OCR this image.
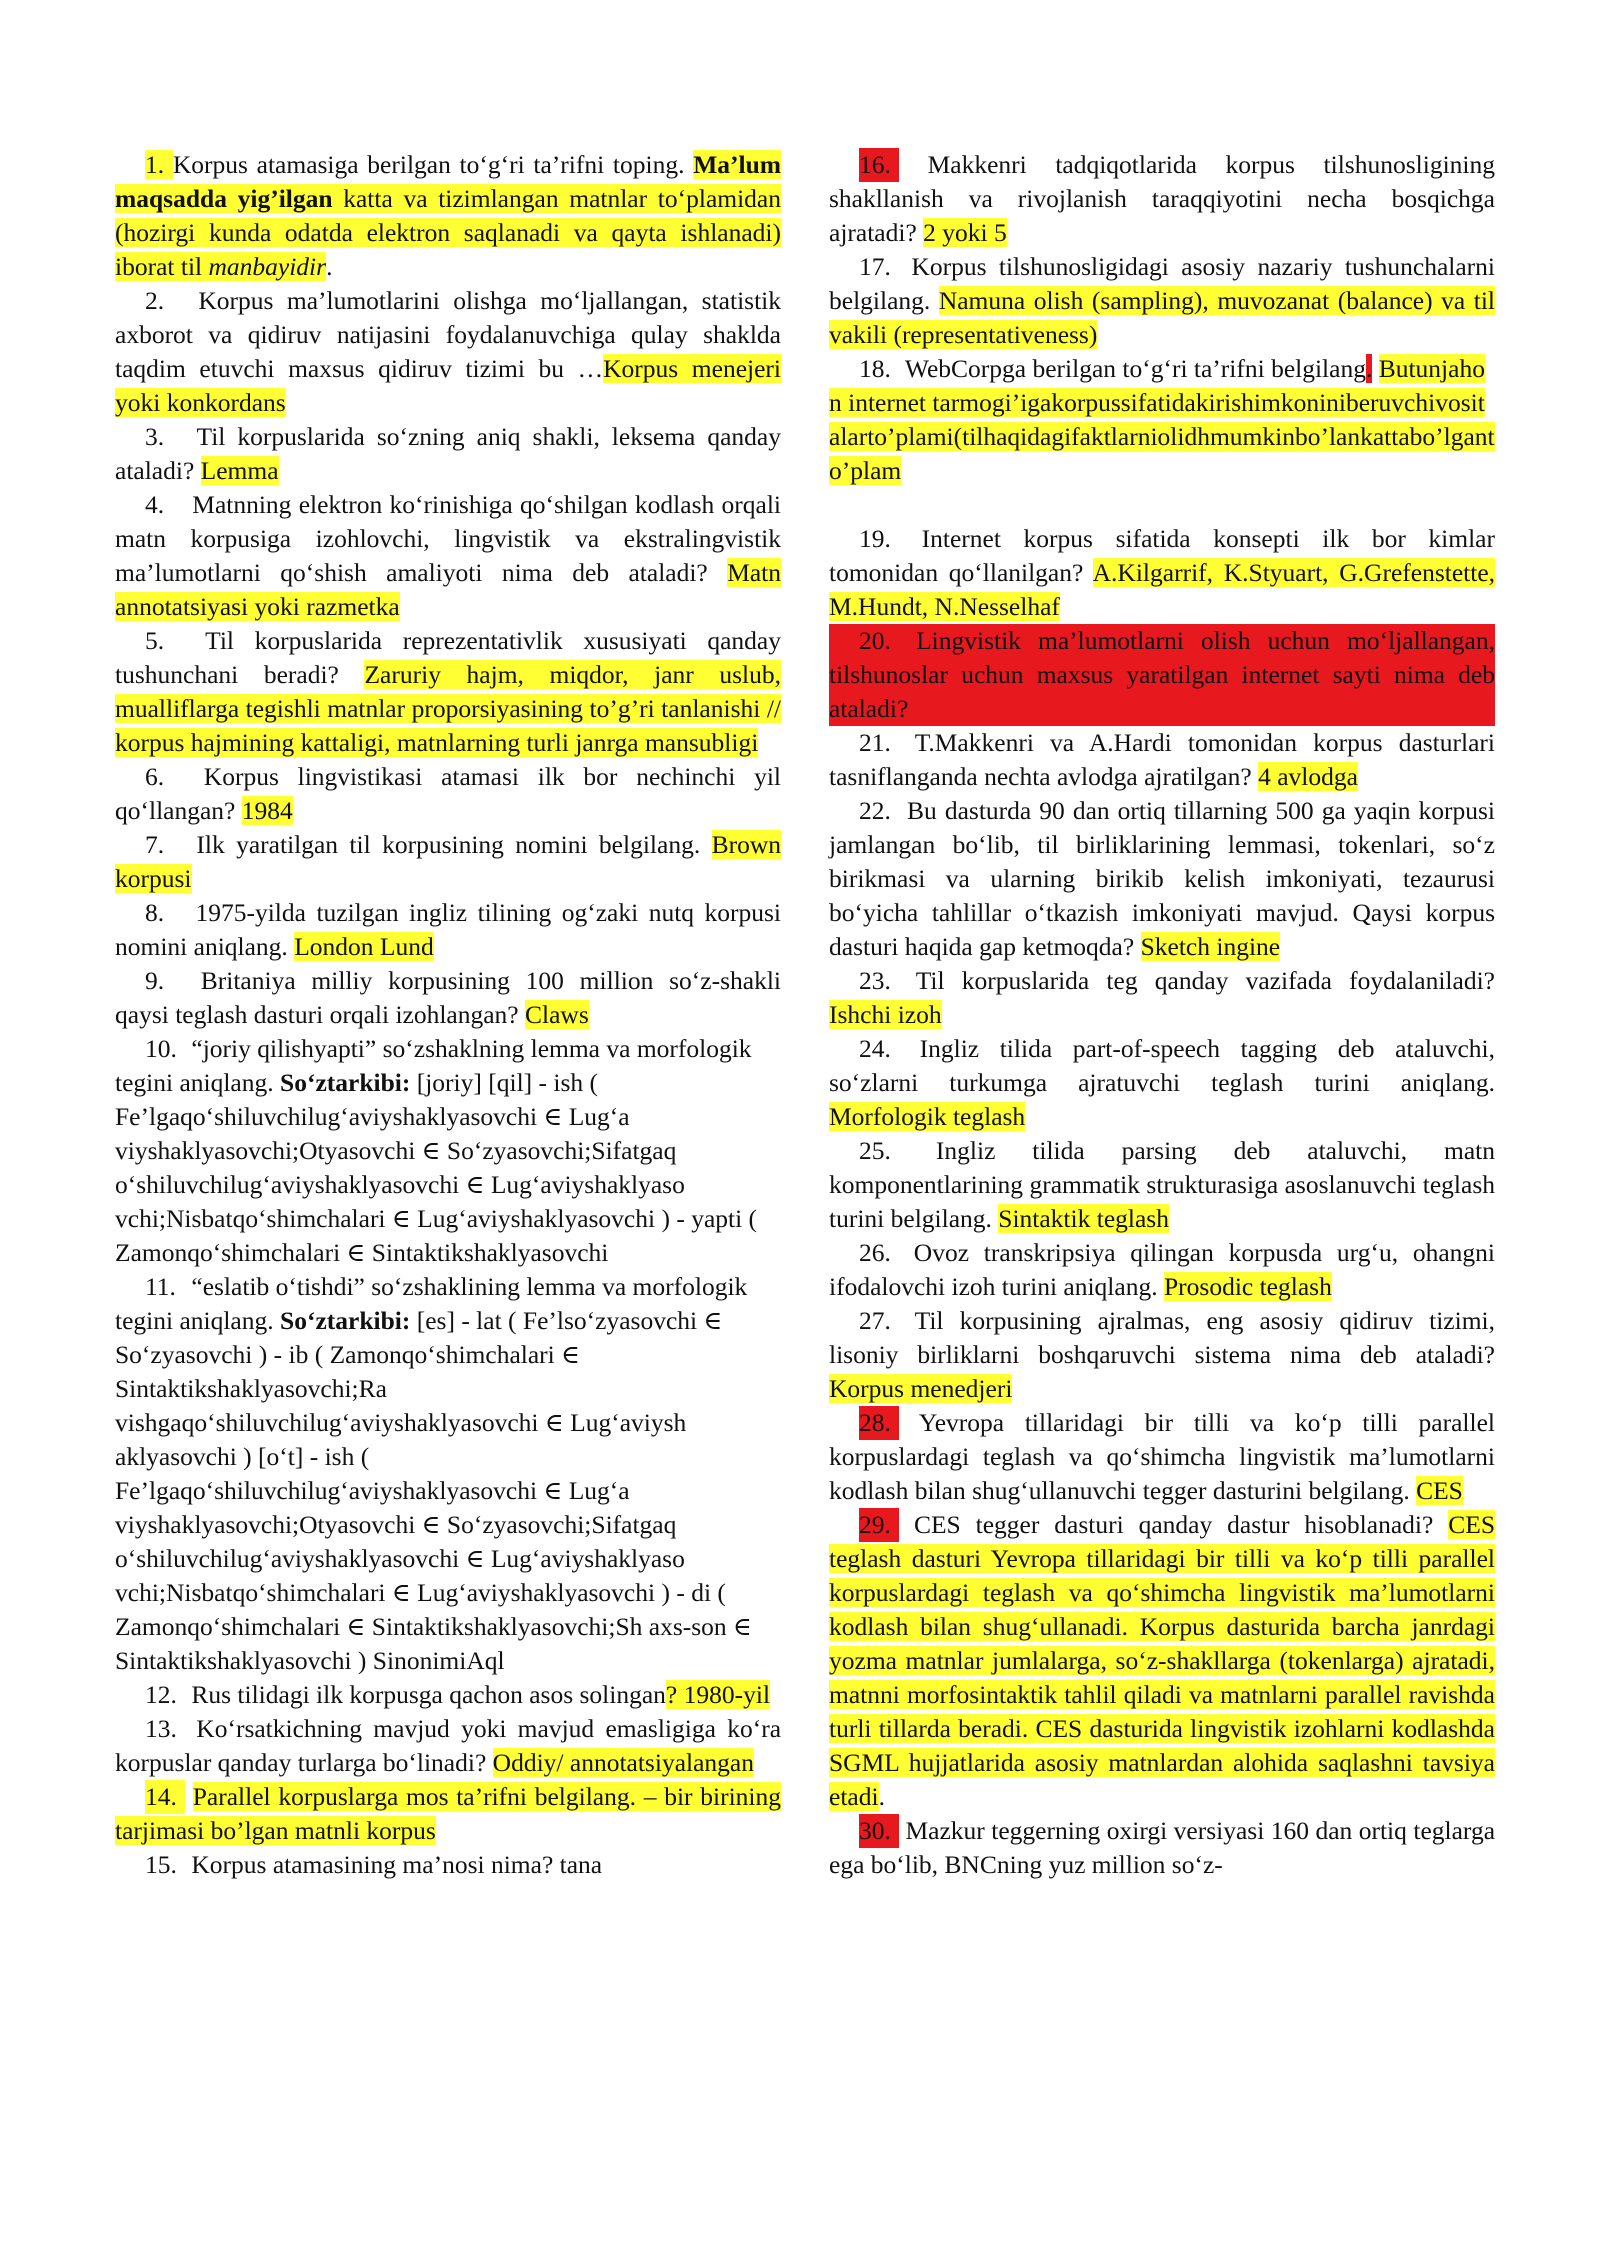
1. Korpus atamasiga berilgan to‘g‘ri ta’rifni toping. Ma’lum maqsadda yig’ilgan katta va tizimlangan matnlar to‘plamidan (hozirgi kunda odatda elektron saqlanadi va qayta ishlanadi) iborat til manbayidir.

2. Korpus ma’lumotlarini olishga mo‘ljallangan, statistik axborot va qidiruv natijasini foydalanuvchiga qulay shaklda taqdim etuvchi maxsus qidiruv tizimi bu …Korpus menejeri yoki konkordans

3. Til korpuslarida so‘zning aniq shakli, leksema qanday ataladi? Lemma

4. Matnning elektron ko‘rinishiga qo‘shilgan kodlash orqali matn korpusiga izohlovchi, lingvistik va ekstralingvistik ma’lumotlarni qo‘shish amaliyoti nima deb ataladi? Matn annotatsiyasi yoki razmetka

5. Til korpuslarida reprezentativlik xususiyati qanday tushunchani beradi? Zaruriy hajm, miqdor, janr uslub, mualliflarga tegishli matnlar proporsiyasining to’g’ri tanlanishi // korpus hajmining kattaligi, matnlarning turli janrga mansubligi

6. Korpus lingvistikasi atamasi ilk bor nechinchi yil qo‘llangan? 1984

7. Ilk yaratilgan til korpusining nomini belgilang. Brown korpusi

8. 1975-yilda tuzilgan ingliz tilining og‘zaki nutq korpusi nomini aniqlang. London Lund

9. Britaniya milliy korpusining 100 million so‘z-shakli qaysi teglash dasturi orqali izohlangan? Claws

10. “joriy qilishyapti” so‘zshaklning lemma va morfologik tegini aniqlang. So‘ztarkibi: [joriy] [qil] - ish ( Fe’lgaqo‘shiluvchilug‘aviyshaklyasovchi ∈ Lug‘a viyshaklyasovchi;Otyasovchi ∈ So‘zyasovchi;Sifatgaq o‘shiluvchilug‘aviyshaklyasovchi ∈ Lug‘aviyshaklyaso vchi;Nisbatqo‘shimchalari ∈ Lug‘aviyshaklyasovchi ) - yapti ( Zamonqo‘shimchalari ∈ Sintaktikshaklyasovchi

11. “eslatib o‘tishdi” so‘zshaklining lemma va morfologik tegini aniqlang. So‘ztarkibi: [es] - lat ( Fe’lso‘zyasovchi ∈ So‘zyasovchi ) - ib ( Zamonqo‘shimchalari ∈ Sintaktikshaklyasovchi;Ra vishgaqo‘shiluvchilug‘aviyshaklyasovchi ∈ Lug‘aviysh aklyasovchi ) [o‘t] - ish ( Fe’lgaqo‘shiluvchilug‘aviyshaklyasovchi ∈ Lug‘a viyshaklyasovchi;Otyasovchi ∈ So‘zyasovchi;Sifatgaq o‘shiluvchilug‘aviyshaklyasovchi ∈ Lug‘aviyshaklyaso vchi;Nisbatqo‘shimchalari ∈ Lug‘aviyshaklyasovchi ) - di ( Zamonqo‘shimchalari ∈ Sintaktikshaklyasovchi;Sh axs-son ∈ Sintaktikshaklyasovchi ) SinonimiAql

12. Rus tilidagi ilk korpusga qachon asos solingan? 1980-yil

13. Ko‘rsatkichning mavjud yoki mavjud emasligiga ko‘ra korpuslar qanday turlarga bo‘linadi? Oddiy/ annotatsiyalangan

14. Parallel korpuslarga mos ta’rifni belgilang. – bir birining tarjimasi bo’lgan matnli korpus

15. Korpus atamasining ma’nosi nima? tana

16. Makkenri tadqiqotlarida korpus tilshunosligining shakllanish va rivojlanish taraqqiyotini necha bosqichga ajratadi? 2 yoki 5

17. Korpus tilshunosligidagi asosiy nazariy tushunchalarni belgilang. Namuna olish (sampling), muvozanat (balance) va til vakili (representativeness)

18. WebCorpga berilgan to‘g‘ri ta’rifni belgilang. Butunjahon internet tarmogi’igakorpussifatidakirishimkoniniberuvchivositalarto’plami(tilhaqidagifaktlarniolidhmumkinbo’lankattabo’lganto’plam

19. Internet korpus sifatida konsepti ilk bor kimlar tomonidan qo‘llanilgan? A.Kilgarrif, K.Styuart, G.Grefenstette, M.Hundt, N.Nesselhaf

20. Lingvistik ma’lumotlarni olish uchun mo‘ljallangan, tilshunoslar uchun maxsus yaratilgan internet sayti nima deb ataladi?

21. T.Makkenri va A.Hardi tomonidan korpus dasturlari tasniflanganda nechta avlodga ajratilgan? 4 avlodga

22. Bu dasturda 90 dan ortiq tillarning 500 ga yaqin korpusi jamlangan bo‘lib, til birliklarining lemmasi, tokenlari, so‘z birikmasi va ularning birikib kelish imkoniyati, tezaurusi bo‘yicha tahlillar o‘tkazish imkoniyati mavjud. Qaysi korpus dasturi haqida gap ketmoqda? Sketch ingine

23. Til korpuslarida teg qanday vazifada foydalaniladi? Ishchi izoh

24. Ingliz tilida part-of-speech tagging deb ataluvchi, so‘zlarni turkumga ajratuvchi teglash turini aniqlang. Morfologik teglash

25. Ingliz tilida parsing deb ataluvchi, matn komponentlarining grammatik strukturasiga asoslanuvchi teglash turini belgilang. Sintaktik teglash

26. Ovoz transkripsiya qilingan korpusda urg‘u, ohangni ifodalovchi izoh turini aniqlang. Prosodic teglash

27. Til korpusining ajralmas, eng asosiy qidiruv tizimi, lisoniy birliklarni boshqaruvchi sistema nima deb ataladi? Korpus menedjeri

28. Yevropa tillaridagi bir tilli va ko‘p tilli parallel korpuslardagi teglash va qo‘shimcha lingvistik ma’lumotlarni kodlash bilan shug‘ullanuvchi tegger dasturini belgilang. CES

29. CES tegger dasturi qanday dastur hisoblanadi? CES teglash dasturi Yevropa tillaridagi bir tilli va ko‘p tilli parallel korpuslardagi teglash va qo‘shimcha lingvistik ma’lumotlarni kodlash bilan shug‘ullanadi. Korpus dasturida barcha janrdagi yozma matnlar jumlalarga, so‘z-shakllarga (tokenlarga) ajratadi, matnni morfosintaktik tahlil qiladi va matnlarni parallel ravishda turli tillarda beradi. CES dasturida lingvistik izohlarni kodlashda SGML hujjatlarida asosiy matnlardan alohida saqlashni tavsiya etadi.

30. Mazkur teggerning oxirgi versiyasi 160 dan ortiq teglarga ega bo‘lib, BNCning yuz million so‘z-
